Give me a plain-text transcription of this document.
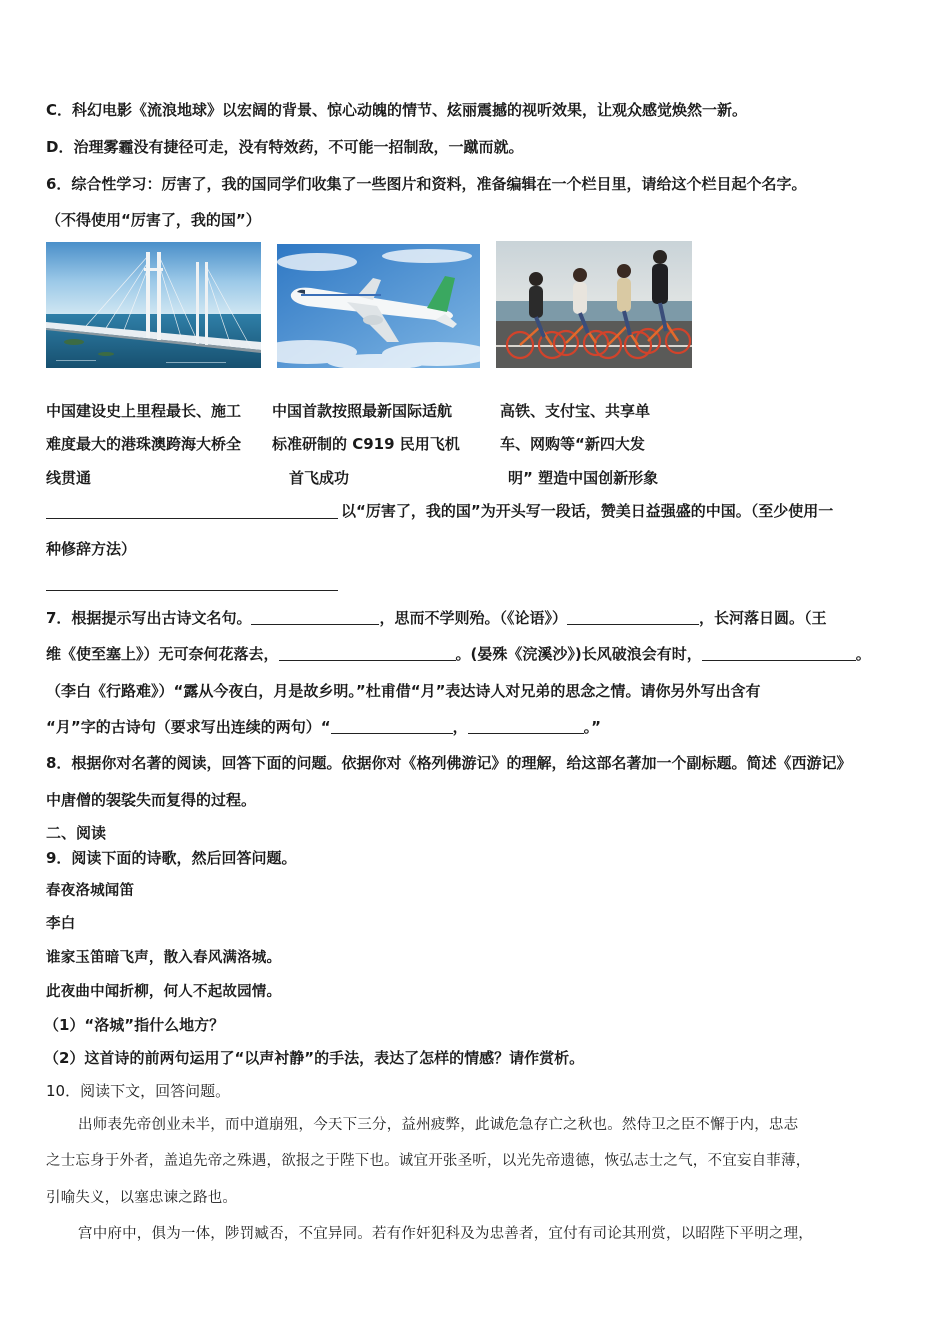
C．科幻电影《流浪地球》以宏阔的背景、惊心动魄的情节、炫丽震撼的视听效果，让观众感觉焕然一新。
D．治理雾霾没有捷径可走，没有特效药，不可能一招制敌，一蹴而就。
6．综合性学习：厉害了，我的国同学们收集了一些图片和资料，准备编辑在一个栏目里，请给这个栏目起个名字。
（不得使用“厉害了，我的国”）
中国建设史上里程最长、施工
难度最大的港珠澳跨海大桥全
线贯通
中国首款按照最新国际适航
标准研制的 C919 民用飞机
首飞成功
高铁、支付宝、共享单
车、网购等“新四大发
明” 塑造中国创新形象
以“厉害了，我的国”为开头写一段话，赞美日益强盛的中国。（至少使用一
种修辞方法）
7．根据提示写出古诗文名句。	，思而不学则殆。（《论语》）	，长河落日圆。（王
维《使至塞上》）无可奈何花落去，	。(晏殊《浣溪沙》)长风破浪会有时，	。
（李白《行路难》）“露从今夜白，月是故乡明。”杜甫借“月”表达诗人对兄弟的思念之情。请你另外写出含有
“月”字的古诗句（要求写出连续的两句）“	，	。”
8．根据你对名著的阅读，回答下面的问题。依据你对《格列佛游记》的理解，给这部名著加一个副标题。简述《西游记》
中唐僧的袈裟失而复得的过程。
二、阅读
9．阅读下面的诗歌，然后回答问题。
春夜洛城闻笛
李白
谁家玉笛暗飞声，散入春风满洛城。
此夜曲中闻折柳，何人不起故园情。
（1）“洛城”指什么地方？
（2）这首诗的前两句运用了“以声衬静”的手法，表达了怎样的情感？请作赏析。
10．阅读下文，回答问题。
出师表先帝创业未半，而中道崩殂，今天下三分，益州疲弊，此诚危急存亡之秋也。然侍卫之臣不懈于内，忠志
之士忘身于外者，盖追先帝之殊遇，欲报之于陛下也。诚宜开张圣听，以光先帝遗德，恢弘志士之气，不宜妄自菲薄，
引喻失义，以塞忠谏之路也。
宫中府中，俱为一体，陟罚臧否，不宜异同。若有作奸犯科及为忠善者，宜付有司论其刑赏，以昭陛下平明之理，
